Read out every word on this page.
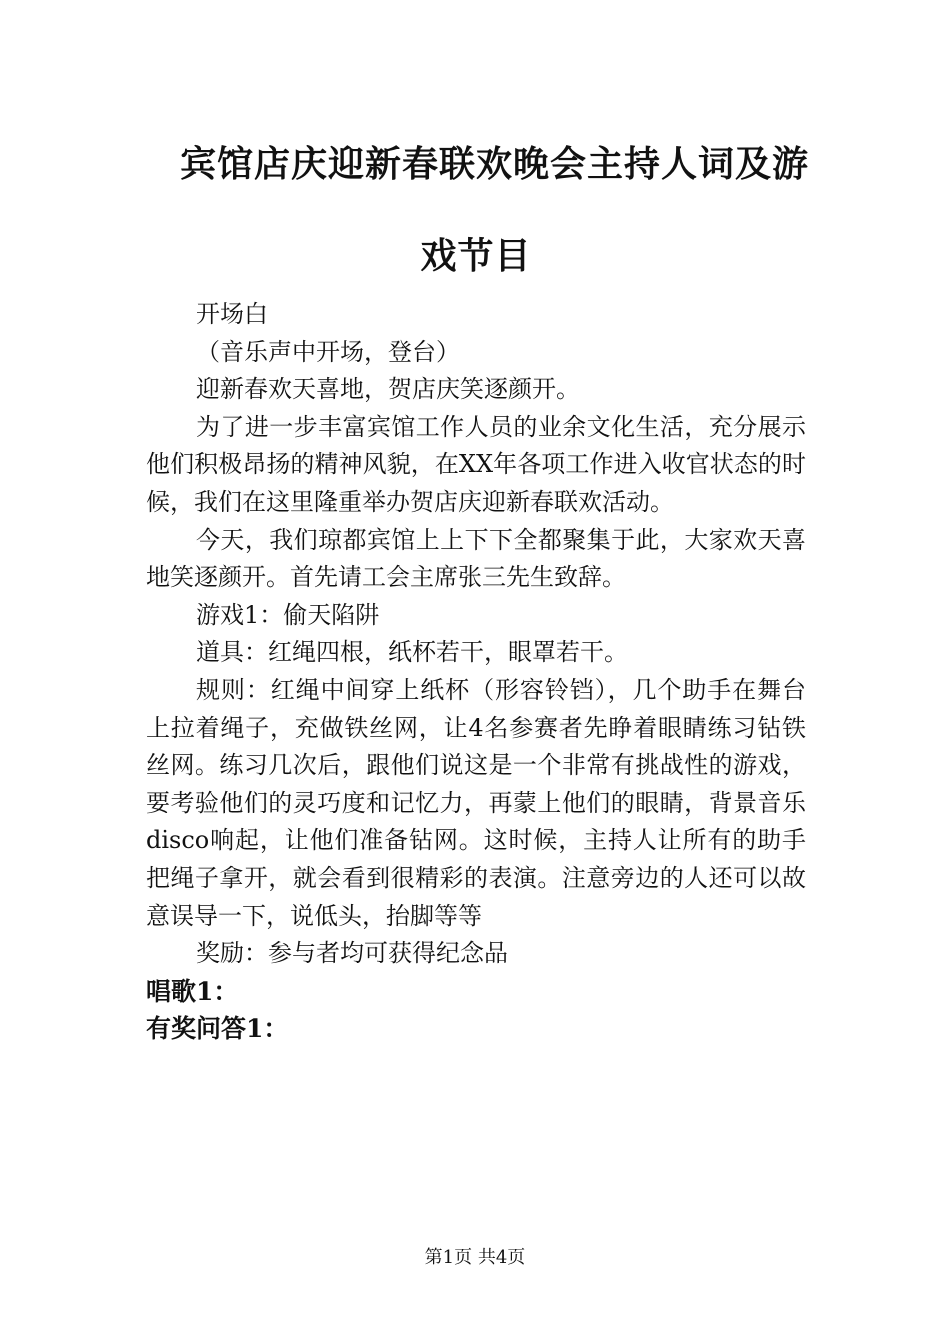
宾馆店庆迎新春联欢晚会主持人词及游
戏节目

开场白

（音乐声中开场，登台）

迎新春欢天喜地，贺店庆笑逐颜开。

为了进一步丰富宾馆工作人员的业余文化生活，充分展示他们积极昂扬的精神风貌，在XX年各项工作进入收官状态的时候，我们在这里隆重举办贺店庆迎新春联欢活动。

今天，我们琼都宾馆上上下下全都聚集于此，大家欢天喜地笑逐颜开。首先请工会主席张三先生致辞。

游戏1：偷天陷阱

道具：红绳四根，纸杯若干，眼罩若干。

规则：红绳中间穿上纸杯（形容铃铛），几个助手在舞台上拉着绳子，充做铁丝网，让4名参赛者先睁着眼睛练习钻铁丝网。练习几次后，跟他们说这是一个非常有挑战性的游戏，要考验他们的灵巧度和记忆力，再蒙上他们的眼睛，背景音乐disco响起，让他们准备钻网。这时候，主持人让所有的助手把绳子拿开，就会看到很精彩的表演。注意旁边的人还可以故意误导一下，说低头，抬脚等等

奖励：参与者均可获得纪念品

唱歌1：

有奖问答1：

第1页 共4页
